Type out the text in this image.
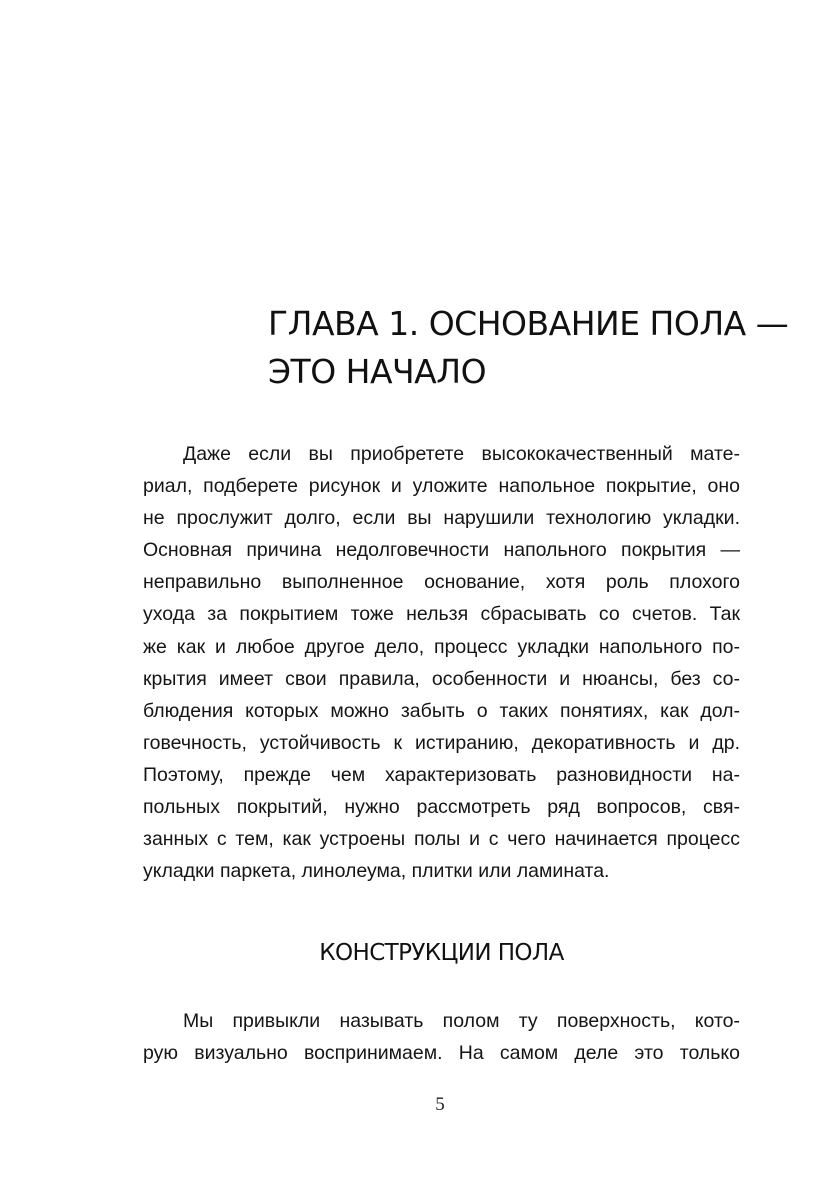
ГЛАВА 1. ОСНОВАНИЕ ПОЛА —
ЭТО НАЧАЛО

Даже если вы приобретете высококачественный мате-
риал, подберете рисунок и уложите напольное покрытие, оно
не прослужит долго, если вы нарушили технологию укладки.
Основная причина недолговечности напольного покрытия —
неправильно выполненное основание, хотя роль плохого
ухода за покрытием тоже нельзя сбрасывать со счетов. Так
же как и любое другое дело, процесс укладки напольного по-
крытия имеет свои правила, особенности и нюансы, без со-
блюдения которых можно забыть о таких понятиях, как дол-
говечность, устойчивость к истиранию, декоративность и др.
Поэтому, прежде чем характеризовать разновидности на-
польных покрытий, нужно рассмотреть ряд вопросов, свя-
занных с тем, как устроены полы и с чего начинается процесс
укладки паркета, линолеума, плитки или ламината.

КОНСТРУКЦИИ ПОЛА

Мы привыкли называть полом ту поверхность, кото-
рую визуально воспринимаем. На самом деле это только

5
